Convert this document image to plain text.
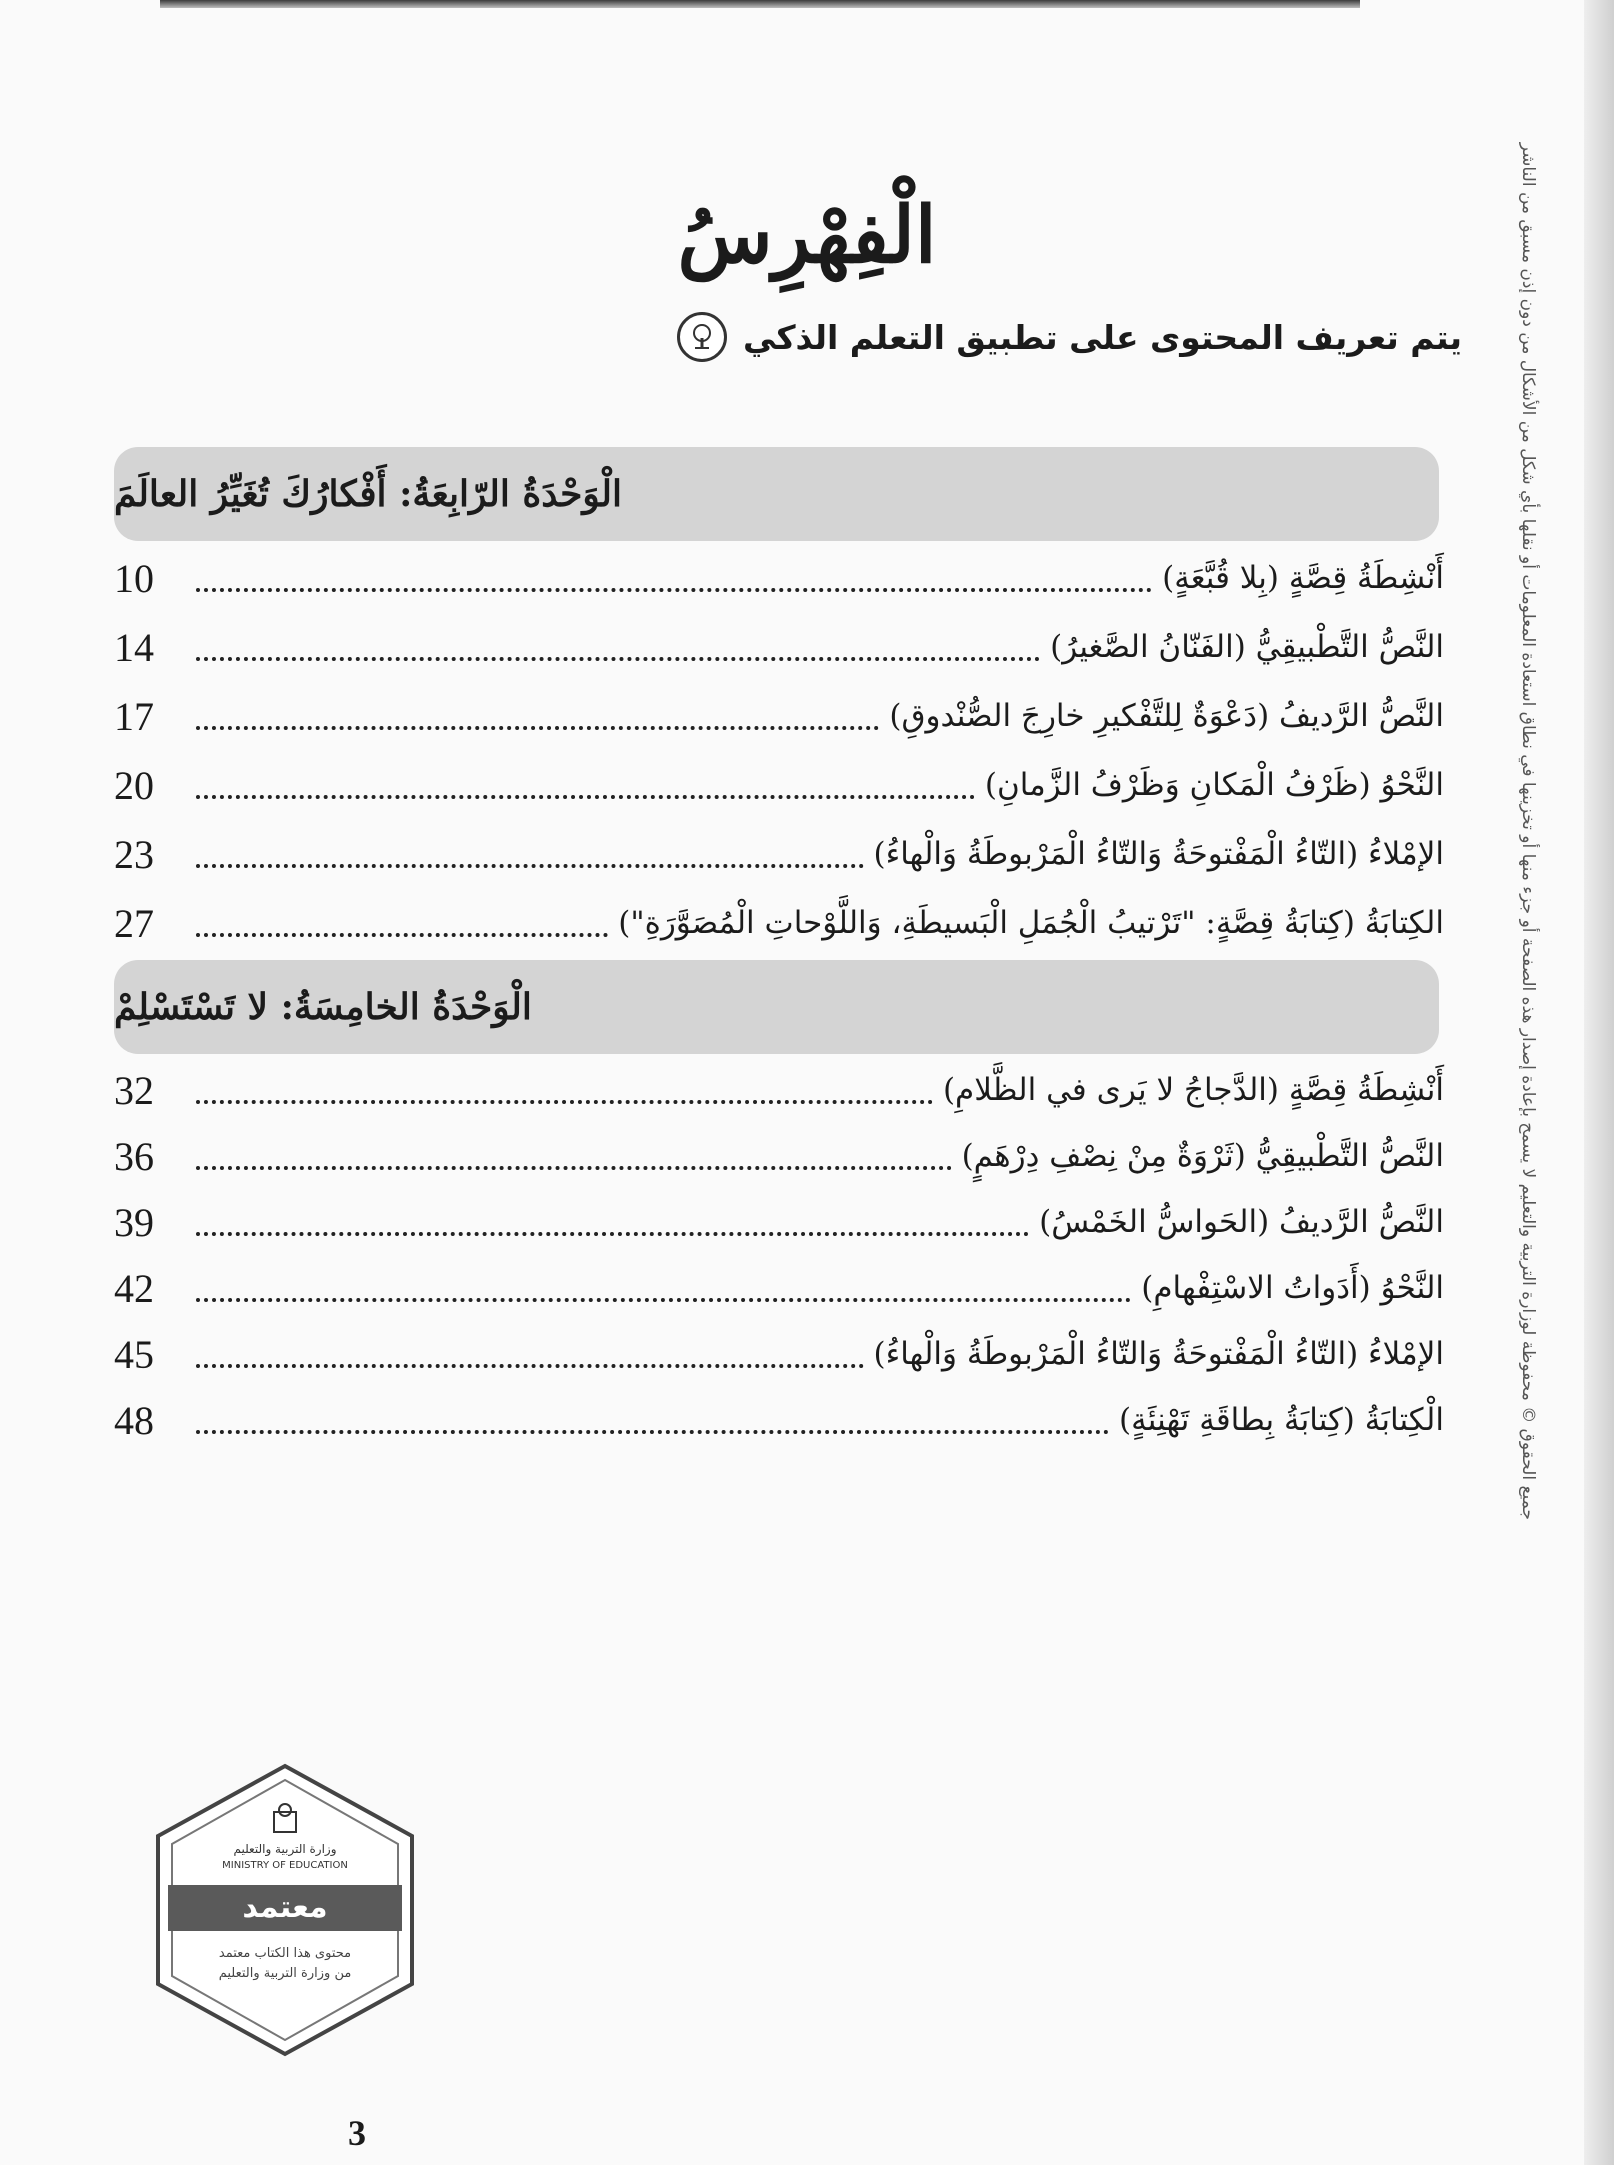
الْفِهْرِسُ
يتم تعريف المحتوى على تطبيق التعلم الذكي
الْوَحْدَةُ الرّابِعَةُ: أَفْكارُكَ تُغَيِّرُ العالَمَ
أَنْشِطَةُ قِصَّةٍ (بِلا قُبَّعَةٍ)
10
النَّصُّ التَّطْبيقِيُّ (الفَنّانُ الصَّغيرُ)
14
النَّصُّ الرَّديفُ (دَعْوَةٌ لِلتَّفْكيرِ خارِجَ الصُّنْدوقِ)
17
النَّحْوُ (ظَرْفُ الْمَكانِ وَظَرْفُ الزَّمانِ)
20
الإمْلاءُ (التّاءُ الْمَفْتوحَةُ وَالتّاءُ الْمَرْبوطَةُ وَالْهاءُ)
23
الكِتابَةُ (كِتابَةُ قِصَّةٍ: "تَرْتيبُ الْجُمَلِ الْبَسيطَةِ، وَاللَّوْحاتِ الْمُصَوَّرَةِ")
27
الْوَحْدَةُ الخامِسَةُ: لا تَسْتَسْلِمْ
أَنْشِطَةُ قِصَّةٍ (الدَّجاجُ لا يَرى في الظَّلامِ)
32
النَّصُّ التَّطْبيقِيُّ (ثَرْوَةٌ مِنْ نِصْفِ دِرْهَمٍ)
36
النَّصُّ الرَّديفُ (الحَواسُّ الخَمْسُ)
39
النَّحْوُ (أَدَواتُ الاسْتِفْهامِ)
42
الإمْلاءُ (التّاءُ الْمَفْتوحَةُ وَالتّاءُ الْمَرْبوطَةُ وَالْهاءُ)
45
الْكِتابَةُ (كِتابَةُ بِطاقَةِ تَهْنِئَةٍ)
48	جميع الحقوق © محفوظة لوزارة التربية والتعليم لا يسمح بإعادة إصدار هذه الصفحة أو جزء منها أو تخزينها في نطاق استعادة المعلومات أو نقلها بأي شكل من الأشكال من دون إذن مسبق من الناشر
وزارة التربية والتعليم
MINISTRY OF EDUCATION
معتمد
محتوى هذا الكتاب معتمد
من وزارة التربية والتعليم
3
